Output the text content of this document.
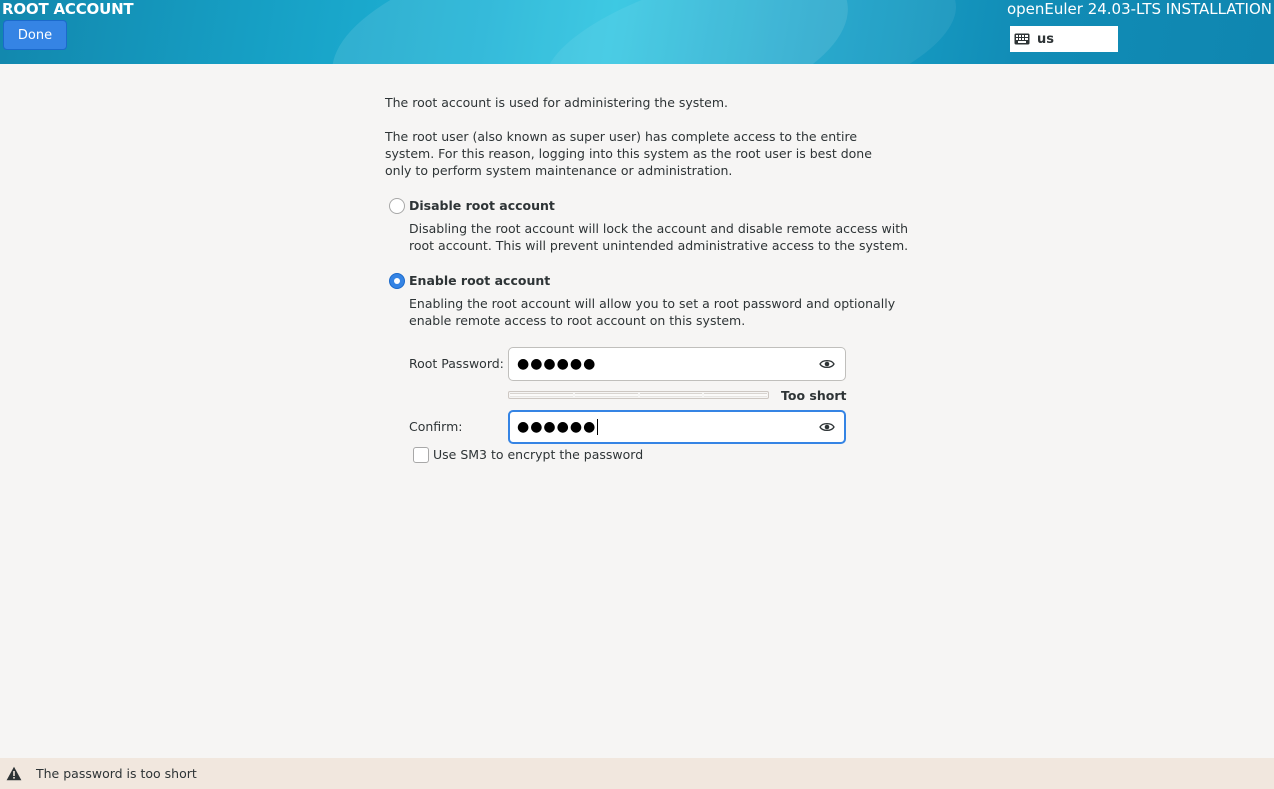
ROOT ACCOUNT
Done
openEuler 24.03-LTS INSTALLATION
us

The root account is used for administering the system.

The root user (also known as super user) has complete access to the entire system. For this reason, logging into this system as the root user is best done only to perform system maintenance or administration.

Disable root account
Disabling the root account will lock the account and disable remote access with root account. This will prevent unintended administrative access to the system.
Enable root account
Enabling the root account will allow you to set a root password and optionally enable remote access to root account on this system.
Root Password: ●●●●●●
Too short
Confirm:	●●●●●●
Use SM3 to encrypt the password
The password is too short
